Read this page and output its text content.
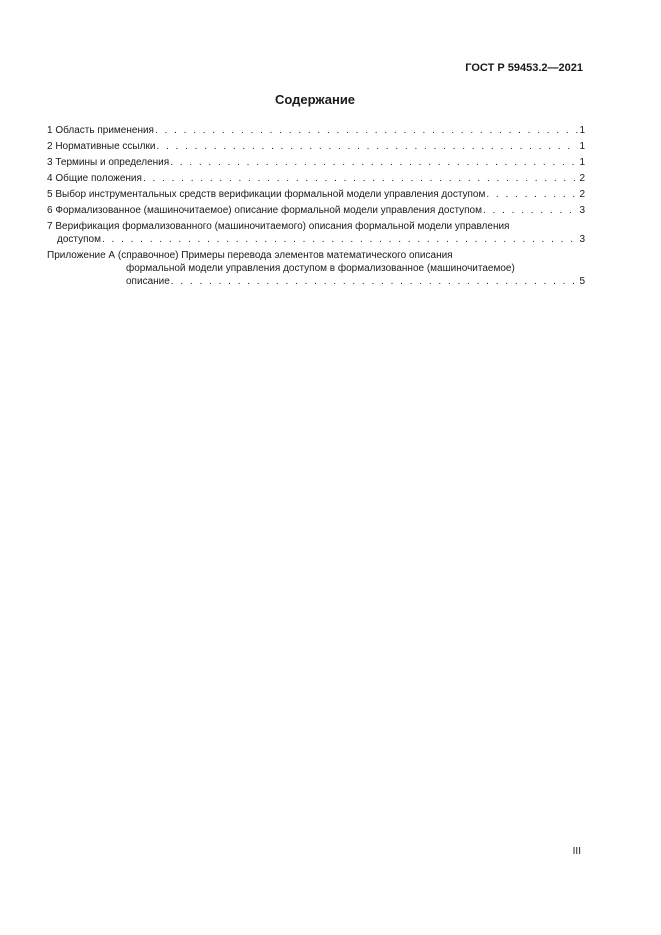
ГОСТ Р 59453.2—2021
Содержание
1 Область применения . . .	1
2 Нормативные ссылки . . .	1
3 Термины и определения . . .	1
4 Общие положения . . .	2
5 Выбор инструментальных средств верификации формальной модели управления доступом . . .	2
6 Формализованное (машиночитаемое) описание формальной модели управления доступом . . .	3
7 Верификация формализованного (машиночитаемого) описания формальной модели управления
доступом . . .	3
Приложение А (справочное) Примеры перевода элементов математического описания
формальной модели управления доступом в формализованное (машиночитаемое)
описание . . .	5
III
